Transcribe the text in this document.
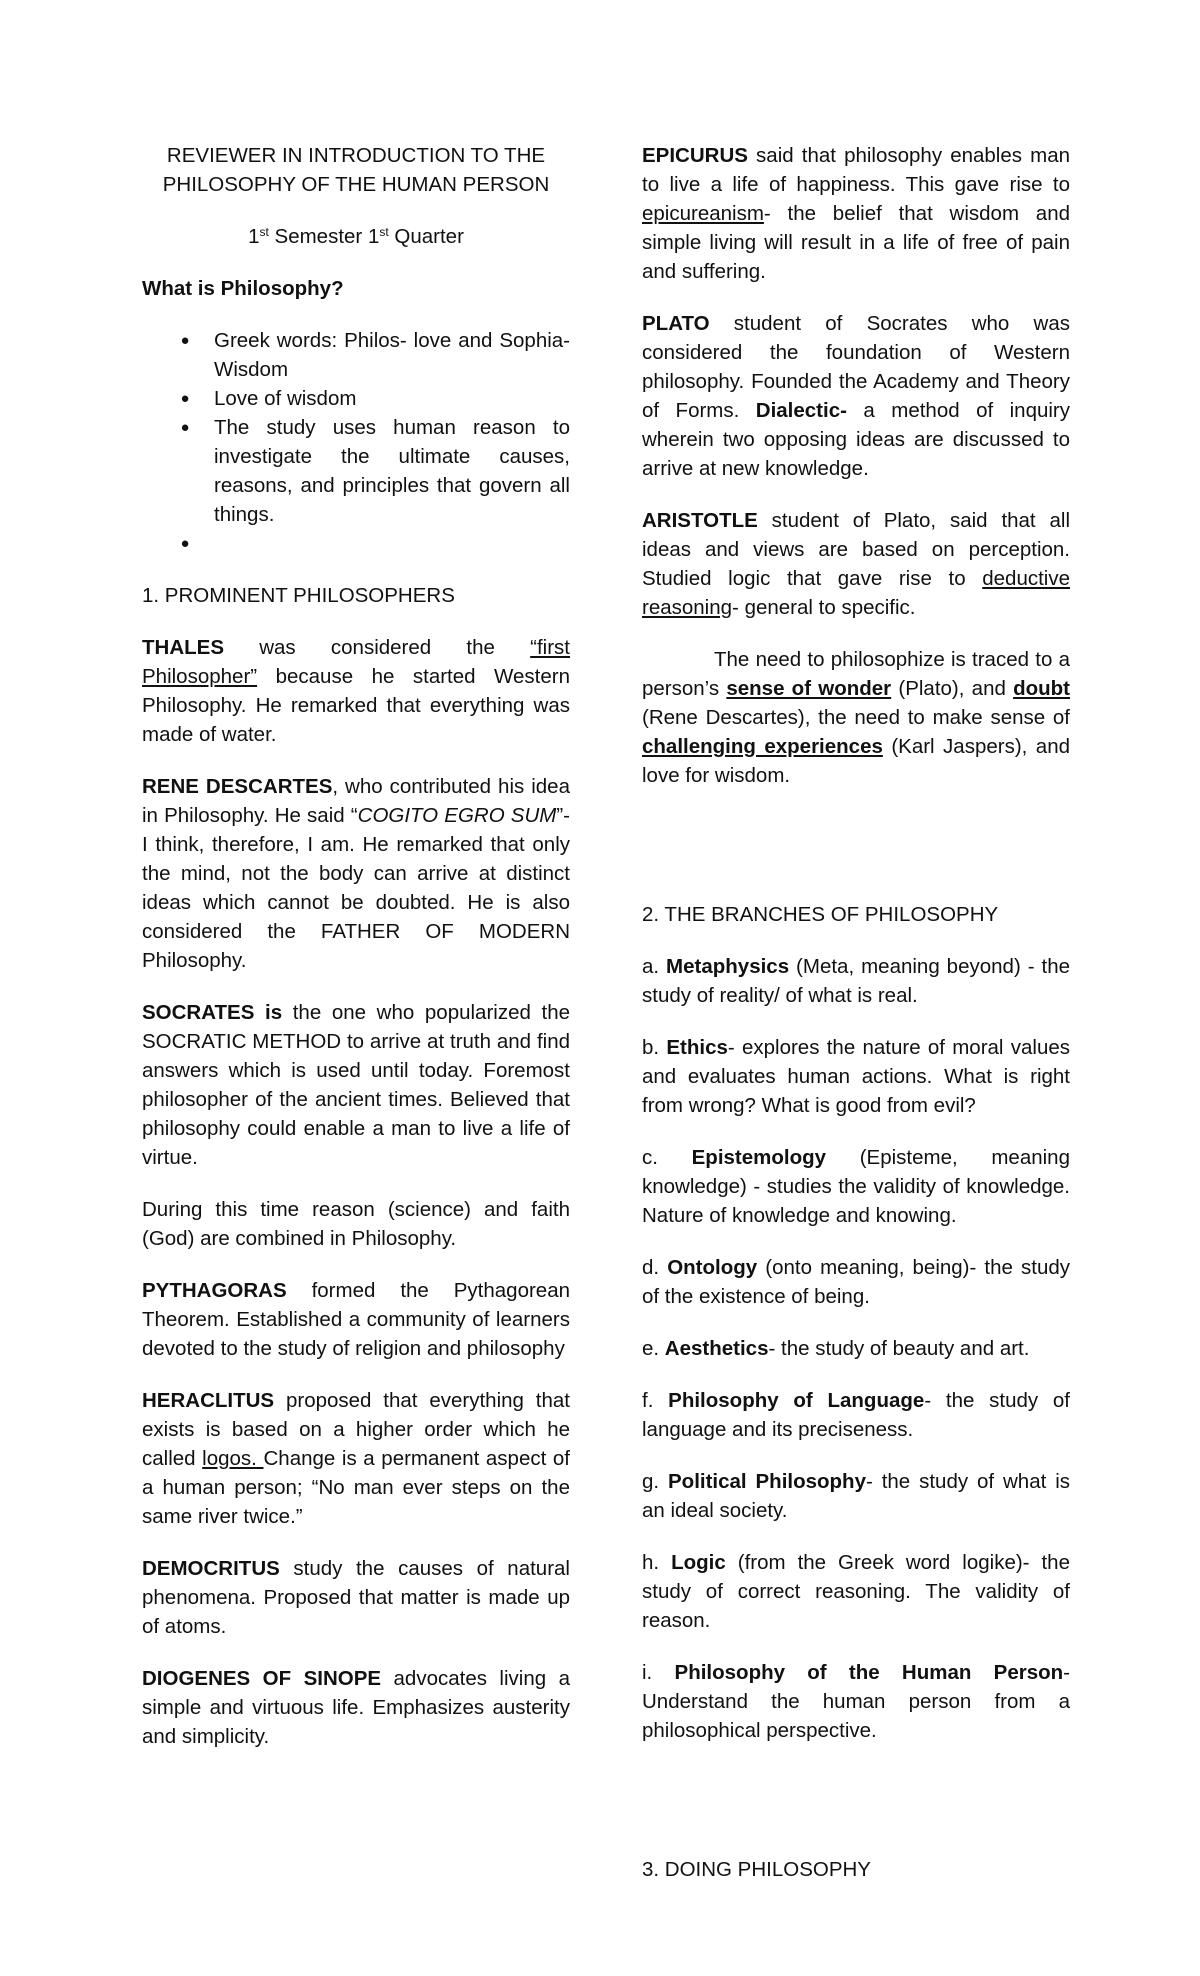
REVIEWER IN INTRODUCTION TO THE

PHILOSOPHY OF THE HUMAN PERSON

1st Semester 1st Quarter

What is Philosophy?

● Greek words: Philos- love and Sophia- Wisdom
● Love of wisdom
● The study uses human reason to investigate the ultimate causes, reasons, and principles that govern all things.
●

1. PROMINENT PHILOSOPHERS

THALES was considered the “first Philosopher” because he started Western Philosophy. He remarked that everything was made of water.

RENE DESCARTES, who contributed his idea in Philosophy. He said “COGITO EGRO SUM”- I think, therefore, I am. He remarked that only the mind, not the body can arrive at distinct ideas which cannot be doubted. He is also considered the FATHER OF MODERN Philosophy.

SOCRATES is the one who popularized the SOCRATIC METHOD to arrive at truth and find answers which is used until today. Foremost philosopher of the ancient times. Believed that philosophy could enable a man to live a life of virtue.

During this time reason (science) and faith (God) are combined in Philosophy.

PYTHAGORAS formed the Pythagorean Theorem. Established a community of learners devoted to the study of religion and philosophy

HERACLITUS proposed that everything that exists is based on a higher order which he called logos. Change is a permanent aspect of a human person; “No man ever steps on the same river twice.”

DEMOCRITUS study the causes of natural phenomena. Proposed that matter is made up of atoms.

DIOGENES OF SINOPE advocates living a simple and virtuous life. Emphasizes austerity and simplicity.

EPICURUS said that philosophy enables man to live a life of happiness. This gave rise to epicureanism- the belief that wisdom and simple living will result in a life of free of pain and suffering.

PLATO student of Socrates who was considered the foundation of Western philosophy. Founded the Academy and Theory of Forms. Dialectic- a method of inquiry wherein two opposing ideas are discussed to arrive at new knowledge.

ARISTOTLE student of Plato, said that all ideas and views are based on perception. Studied logic that gave rise to deductive reasoning- general to specific.

The need to philosophize is traced to a person’s sense of wonder (Plato), and doubt (Rene Descartes), the need to make sense of challenging experiences (Karl Jaspers), and love for wisdom.

2. THE BRANCHES OF PHILOSOPHY

a. Metaphysics (Meta, meaning beyond) - the study of reality/ of what is real.

b. Ethics- explores the nature of moral values and evaluates human actions. What is right from wrong? What is good from evil?

c. Epistemology (Episteme, meaning knowledge) - studies the validity of knowledge. Nature of knowledge and knowing.

d. Ontology (onto meaning, being)- the study of the existence of being.

e. Aesthetics- the study of beauty and art.

f. Philosophy of Language- the study of language and its preciseness.

g. Political Philosophy- the study of what is an ideal society.

h. Logic (from the Greek word logike)- the study of correct reasoning. The validity of reason.

i. Philosophy of the Human Person- Understand the human person from a philosophical perspective.

3. DOING PHILOSOPHY
